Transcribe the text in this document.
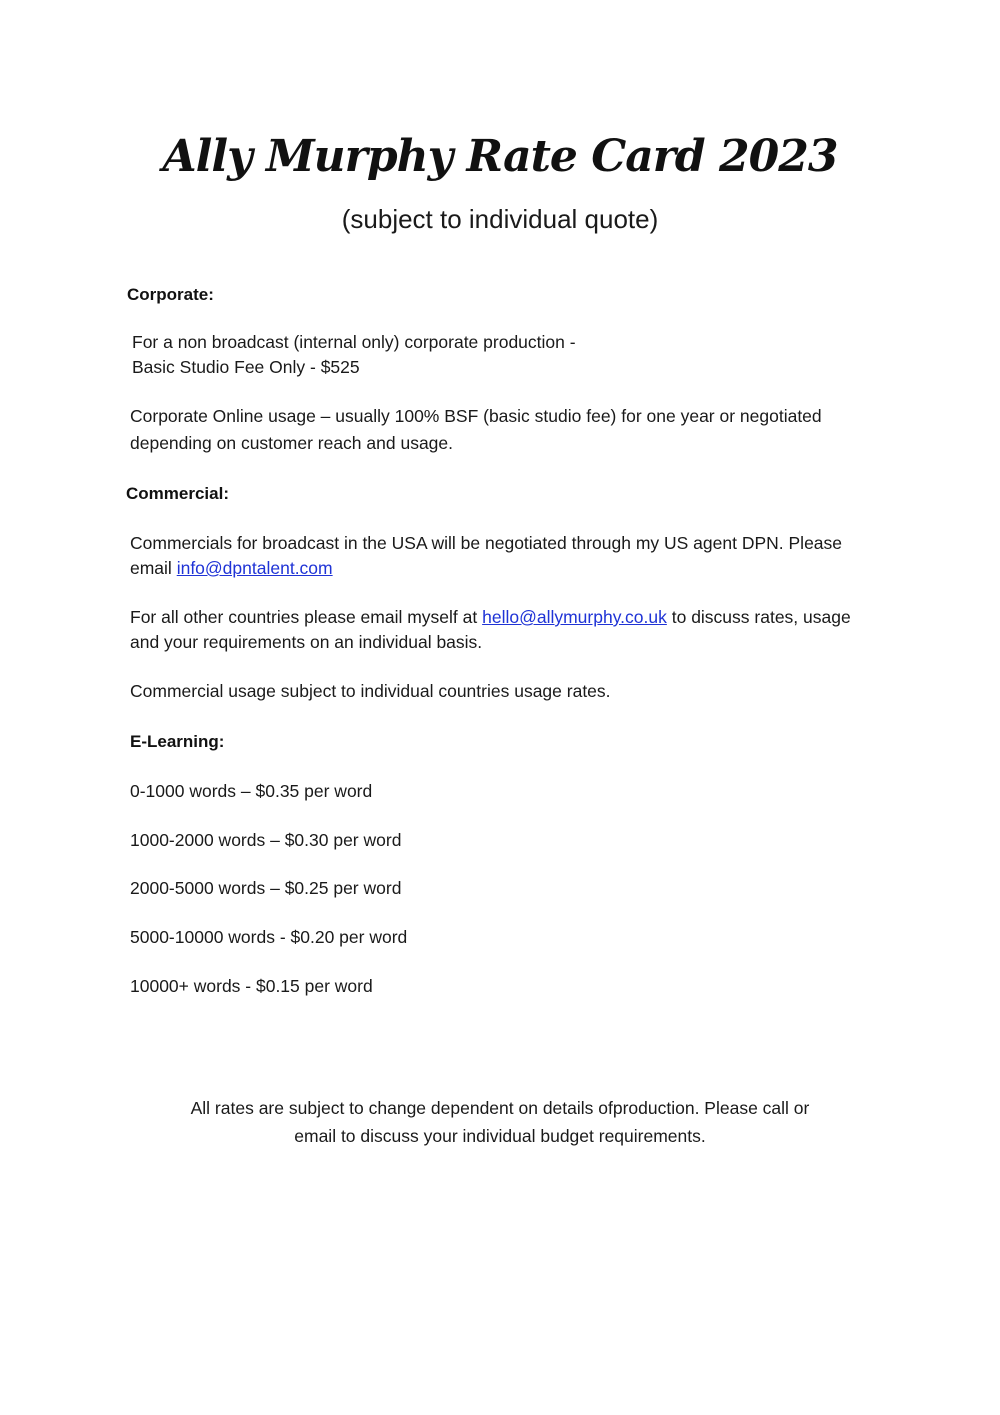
Ally Murphy Rate Card 2023
(subject to individual quote)
Corporate:
For a non broadcast (internal only) corporate production -
Basic Studio Fee Only - $525
Corporate Online usage – usually 100% BSF (basic studio fee) for one year or negotiated
depending on customer reach and usage.
Commercial:
Commercials for broadcast in the USA will be negotiated through my US agent DPN. Please
email info@dpntalent.com
For all other countries please email myself at hello@allymurphy.co.uk to discuss rates, usage
and your requirements on an individual basis.
Commercial usage subject to individual countries usage rates.
E-Learning:
0-1000 words – $0.35 per word
1000-2000 words – $0.30 per word
2000-5000 words – $0.25 per word
5000-10000 words - $0.20 per word
10000+ words - $0.15 per word
All rates are subject to change dependent on details ofproduction. Please call or
email to discuss your individual budget requirements.
